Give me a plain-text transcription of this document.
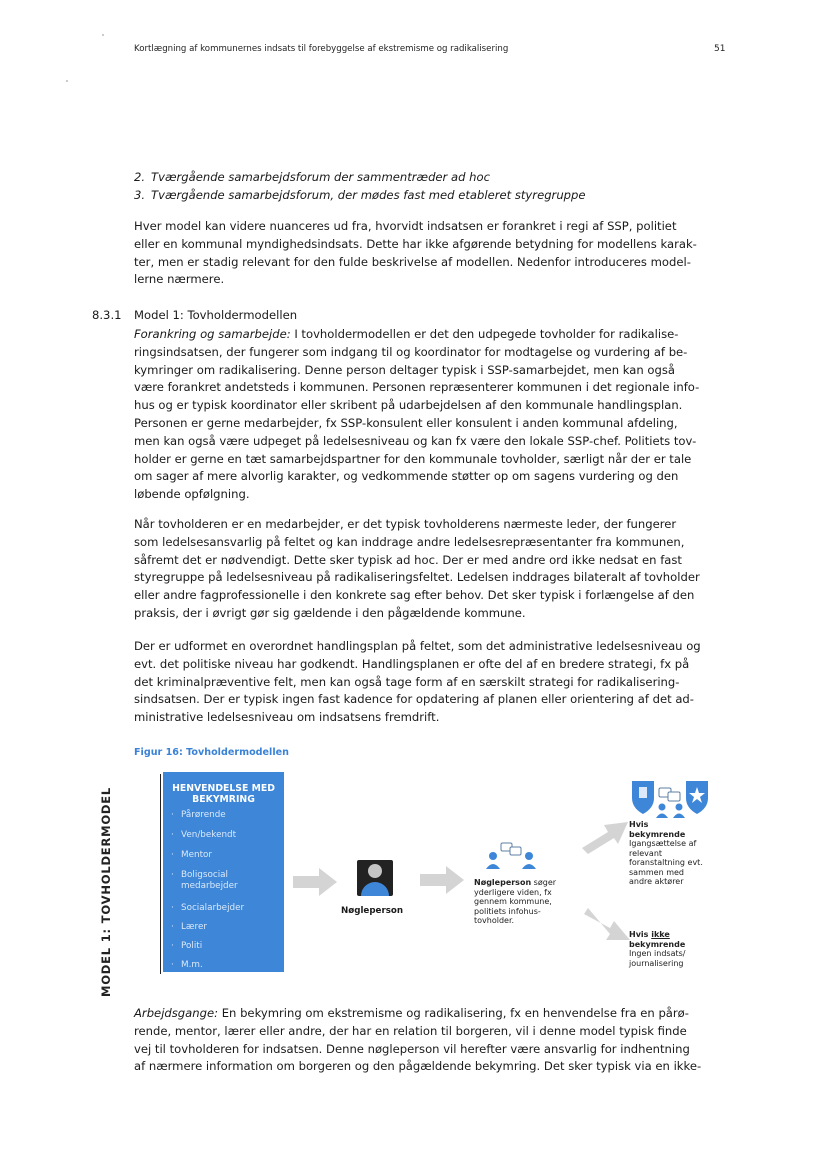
Kortlægning af kommunernes indsats til forebyggelse af ekstremisme og radikalisering	51
2. Tværgående samarbejdsforum der sammentræder ad hoc
3. Tværgående samarbejdsforum, der mødes fast med etableret styregruppe
Hver model kan videre nuanceres ud fra, hvorvidt indsatsen er forankret i regi af SSP, politiet
eller en kommunal myndighedsindsats. Dette har ikke afgørende betydning for modellens karak-
ter, men er stadig relevant for den fulde beskrivelse af modellen. Nedenfor introduceres model-
lerne nærmere.
8.3.1 Model 1: Tovholdermodellen
Forankring og samarbejde: I tovholdermodellen er det den udpegede tovholder for radikalise-
ringsindsatsen, der fungerer som indgang til og koordinator for modtagelse og vurdering af be-
kymringer om radikalisering. Denne person deltager typisk i SSP-samarbejdet, men kan også
være forankret andetsteds i kommunen. Personen repræsenterer kommunen i det regionale info-
hus og er typisk koordinator eller skribent på udarbejdelsen af den kommunale handlingsplan.
Personen er gerne medarbejder, fx SSP-konsulent eller konsulent i anden kommunal afdeling,
men kan også være udpeget på ledelsesniveau og kan fx være den lokale SSP-chef. Politiets tov-
holder er gerne en tæt samarbejdspartner for den kommunale tovholder, særligt når der er tale
om sager af mere alvorlig karakter, og vedkommende støtter op om sagens vurdering og den
løbende opfølgning.
Når tovholderen er en medarbejder, er det typisk tovholderens nærmeste leder, der fungerer
som ledelsesansvarlig på feltet og kan inddrage andre ledelsesrepræsentanter fra kommunen,
såfremt det er nødvendigt. Dette sker typisk ad hoc. Der er med andre ord ikke nedsat en fast
styregruppe på ledelsesniveau på radikaliseringsfeltet. Ledelsen inddrages bilateralt af tovholder
eller andre fagprofessionelle i den konkrete sag efter behov. Det sker typisk i forlængelse af den
praksis, der i øvrigt gør sig gældende i den pågældende kommune.
Der er udformet en overordnet handlingsplan på feltet, som det administrative ledelsesniveau og
evt. det politiske niveau har godkendt. Handlingsplanen er ofte del af en bredere strategi, fx på
det kriminalpræventive felt, men kan også tage form af en særskilt strategi for radikalisering-
sindsatsen. Der er typisk ingen fast kadence for opdatering af planen eller orientering af det ad-
ministrative ledelsesniveau om indsatsens fremdrift.
Figur 16: Tovholdermodellen
MODEL 1: TOVHOLDERMODEL	HENVENDELSE MED BEKYMRING
· Pårørende
· Ven/bekendt
· Mentor
· Boligsocial medarbejder
· Socialarbejder
· Lærer
· Politi
· M.m.
Nøgleperson
Nøgleperson søger
yderligere viden, fx
gennem kommune,
politiets infohus-
tovholder.
Hvis
bekymrende
Igangsættelse af
relevant
foranstaltning evt.
sammen med
andre aktører
Hvis ikke
bekymrende
Ingen indsats/
journalisering
Arbejdsgange: En bekymring om ekstremisme og radikalisering, fx en henvendelse fra en pårø-
rende, mentor, lærer eller andre, der har en relation til borgeren, vil i denne model typisk finde
vej til tovholderen for indsatsen. Denne nøgleperson vil herefter være ansvarlig for indhentning
af nærmere information om borgeren og den pågældende bekymring. Det sker typisk via en ikke-
